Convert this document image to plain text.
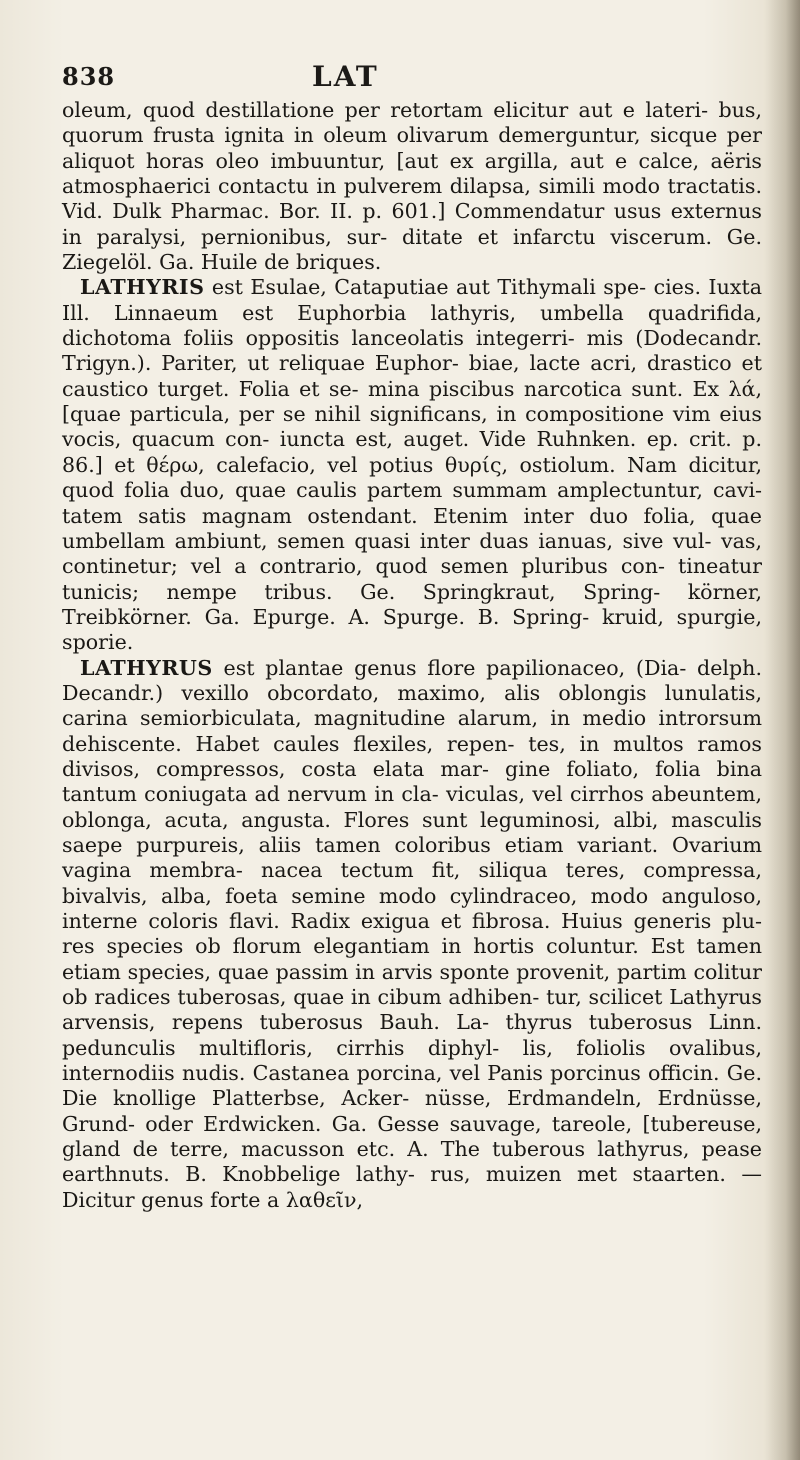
838	LAT

oleum, quod destillatione per retortam elicitur aut e lateri- bus, quorum frusta ignita in oleum olivarum demerguntur, sicque per aliquot horas oleo imbuuntur, [aut ex argilla, aut e calce, aëris atmosphaerici contactu in pulverem dilapsa, simili modo tractatis. Vid. Dulk Pharmac. Bor. II. p. 601.] Commendatur usus externus in paralysi, pernionibus, sur- ditate et infarctu viscerum. Ge. Ziegelöl. Ga. Huile de briques.

LATHYRIS est Esulae, Cataputiae aut Tithymali spe- cies. Iuxta Ill. Linnaeum est Euphorbia lathyris, umbella quadrifida, dichotoma foliis oppositis lanceolatis integerri- mis (Dodecandr. Trigyn.). Pariter, ut reliquae Euphor- biae, lacte acri, drastico et caustico turget. Folia et se- mina piscibus narcotica sunt. Ex λά, [quae particula, per se nihil significans, in compositione vim eius vocis, quacum con- iuncta est, auget. Vide Ruhnken. ep. crit. p. 86.] et θέρω, calefacio, vel potius θυρίς, ostiolum. Nam dicitur, quod folia duo, quae caulis partem summam amplectuntur, cavi- tatem satis magnam ostendant. Etenim inter duo folia, quae umbellam ambiunt, semen quasi inter duas ianuas, sive vul- vas, continetur; vel a contrario, quod semen pluribus con- tineatur tunicis; nempe tribus. Ge. Springkraut, Spring- körner, Treibkörner. Ga. Epurge. A. Spurge. B. Spring- kruid, spurgie, sporie.

LATHYRUS est plantae genus flore papilionaceo, (Dia- delph. Decandr.) vexillo obcordato, maximo, alis oblongis lunulatis, carina semiorbiculata, magnitudine alarum, in medio introrsum dehiscente. Habet caules flexiles, repen- tes, in multos ramos divisos, compressos, costa elata mar- gine foliato, folia bina tantum coniugata ad nervum in cla- viculas, vel cirrhos abeuntem, oblonga, acuta, angusta. Flores sunt leguminosi, albi, masculis saepe purpureis, aliis tamen coloribus etiam variant. Ovarium vagina membra- nacea tectum fit, siliqua teres, compressa, bivalvis, alba, foeta semine modo cylindraceo, modo anguloso, interne coloris flavi. Radix exigua et fibrosa. Huius generis plu- res species ob florum elegantiam in hortis coluntur. Est tamen etiam species, quae passim in arvis sponte provenit, partim colitur ob radices tuberosas, quae in cibum adhiben- tur, scilicet Lathyrus arvensis, repens tuberosus Bauh. La- thyrus tuberosus Linn. pedunculis multifloris, cirrhis diphyl- lis, foliolis ovalibus, internodiis nudis. Castanea porcina, vel Panis porcinus officin. Ge. Die knollige Platterbse, Acker- nüsse, Erdmandeln, Erdnüsse, Grund- oder Erdwicken. Ga. Gesse sauvage, tareole, [tubereuse, gland de terre, macusson etc. A. The tuberous lathyrus, pease earthnuts. B. Knobbelige lathy- rus, muizen met staarten. — Dicitur genus forte a λαθεῖν,
